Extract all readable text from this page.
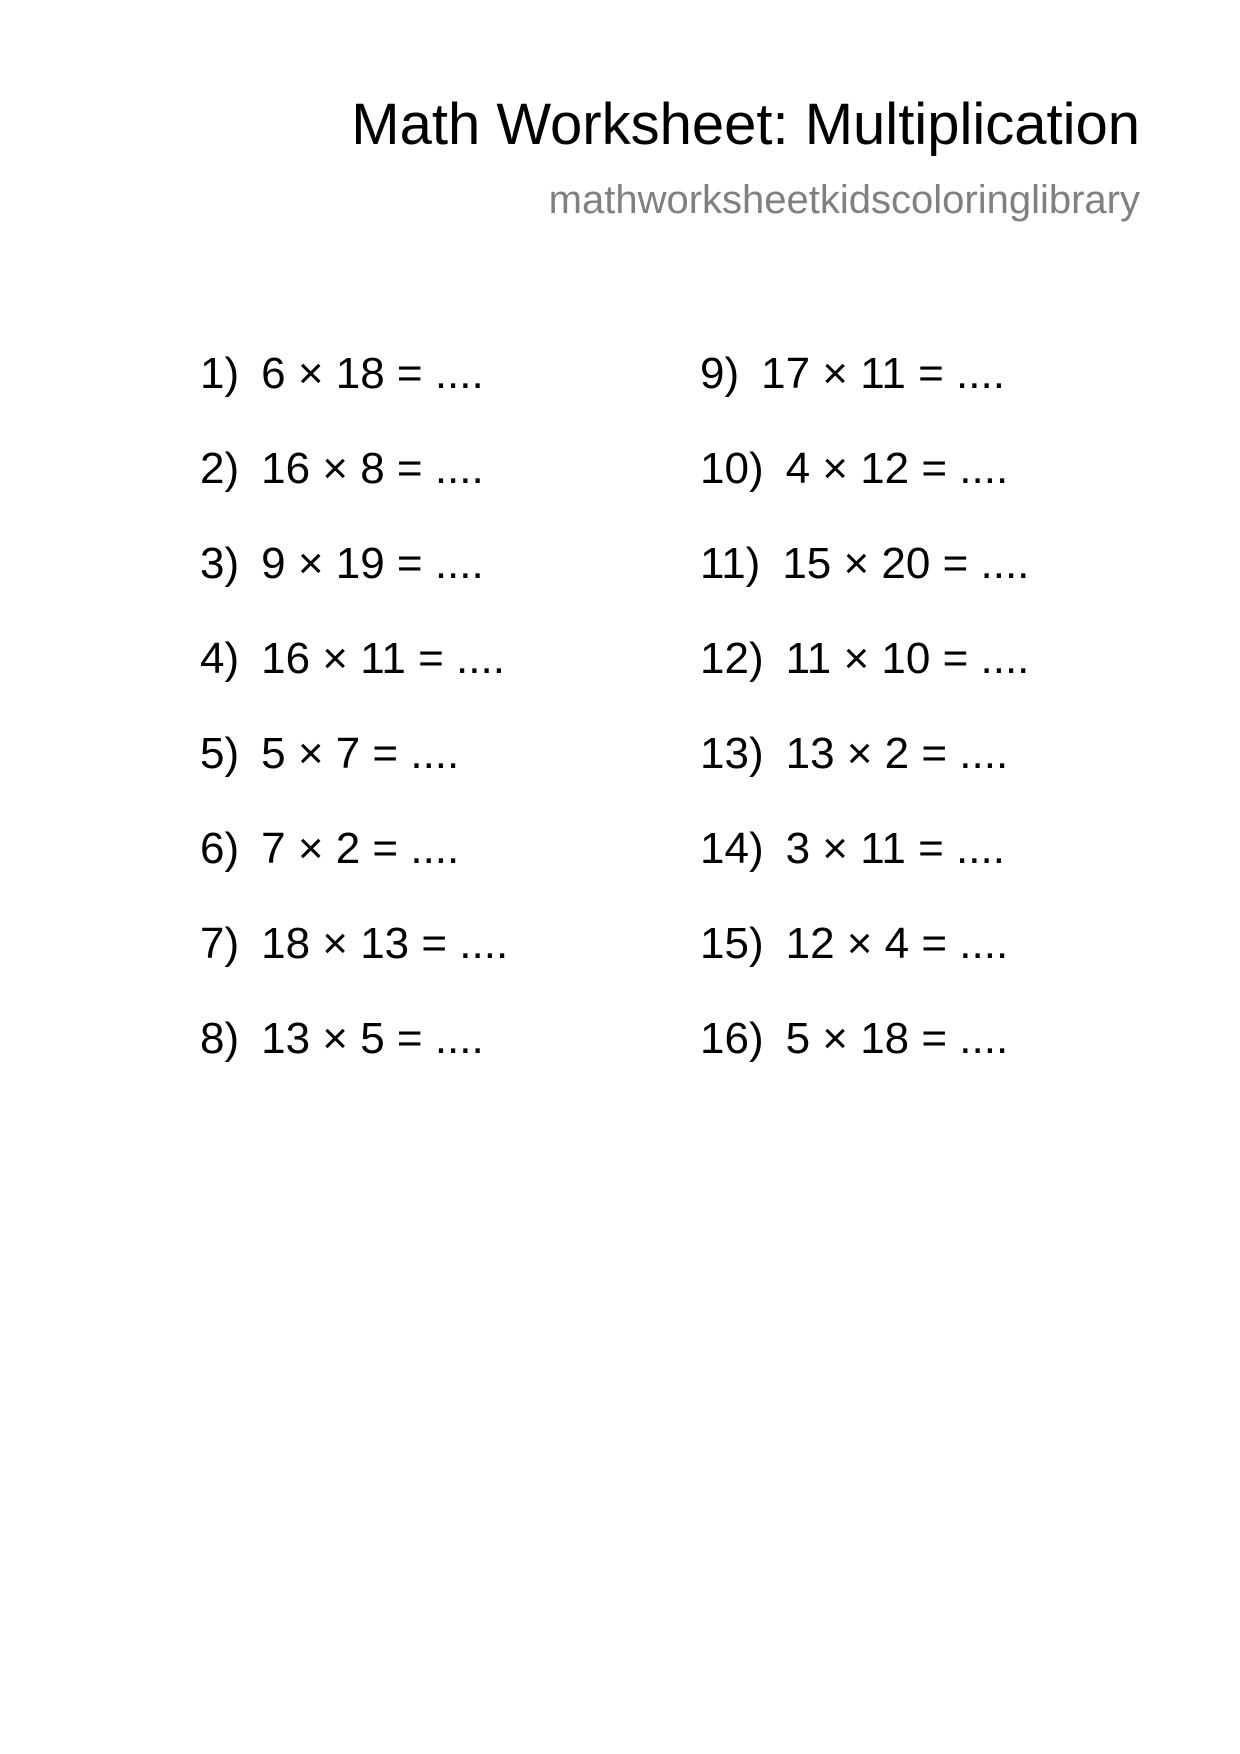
Math Worksheet: Multiplication
mathworksheetkidscoloringlibrary
1) 6 × 18 = ....
2) 16 × 8 = ....
3) 9 × 19 = ....
4) 16 × 11 = ....
5) 5 × 7 = ....
6) 7 × 2 = ....
7) 18 × 13 = ....
8) 13 × 5 = ....
9) 17 × 11 = ....
10) 4 × 12 = ....
11) 15 × 20 = ....
12) 11 × 10 = ....
13) 13 × 2 = ....
14) 3 × 11 = ....
15) 12 × 4 = ....
16) 5 × 18 = ....
